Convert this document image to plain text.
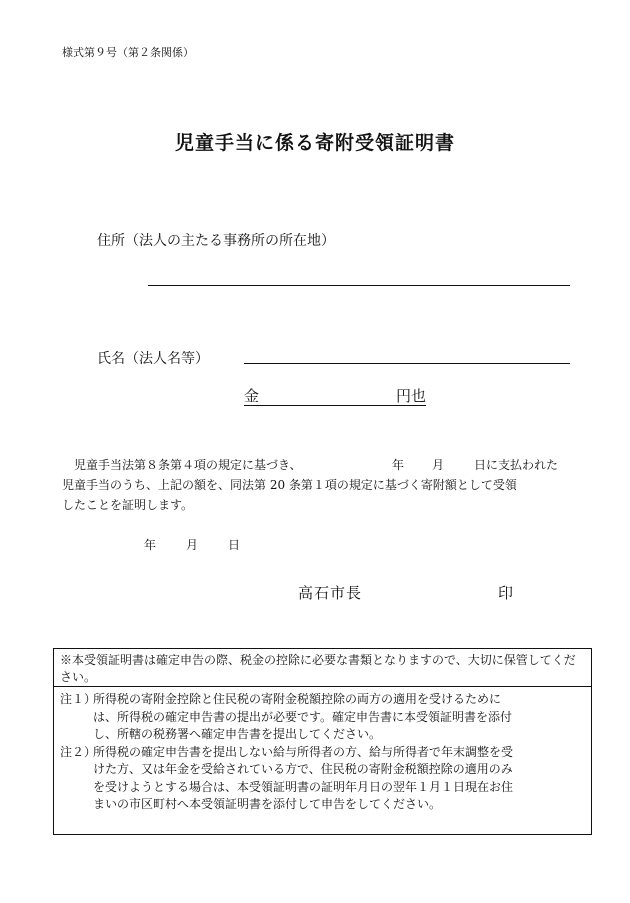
様式第９号（第２条関係）
児童手当に係る寄附受領証明書
住所（法人の主たる事務所の所在地）
氏名（法人名等）
金	円也
　児童手当法第８条第４項の規定に基づき、	年 月 日に支払われた
児童手当のうち、上記の額を、同法第 20 条第１項の規定に基づく寄附額として受領
したことを証明します。
年 月 日
高石市長	印
※本受領証明書は確定申告の際、税金の控除に必要な書類となりますので、大切に保管してください。
注１）
所得税の寄附金控除と住民税の寄附金税額控除の両方の適用を受けるために
は、所得税の確定申告書の提出が必要です。確定申告書に本受領証明書を添付
し、所轄の税務署へ確定申告書を提出してください。
注２）
所得税の確定申告書を提出しない給与所得者の方、給与所得者で年末調整を受
けた方、又は年金を受給されている方で、住民税の寄附金税額控除の適用のみ
を受けようとする場合は、本受領証明書の証明年月日の翌年１月１日現在お住
まいの市区町村へ本受領証明書を添付して申告をしてください。
